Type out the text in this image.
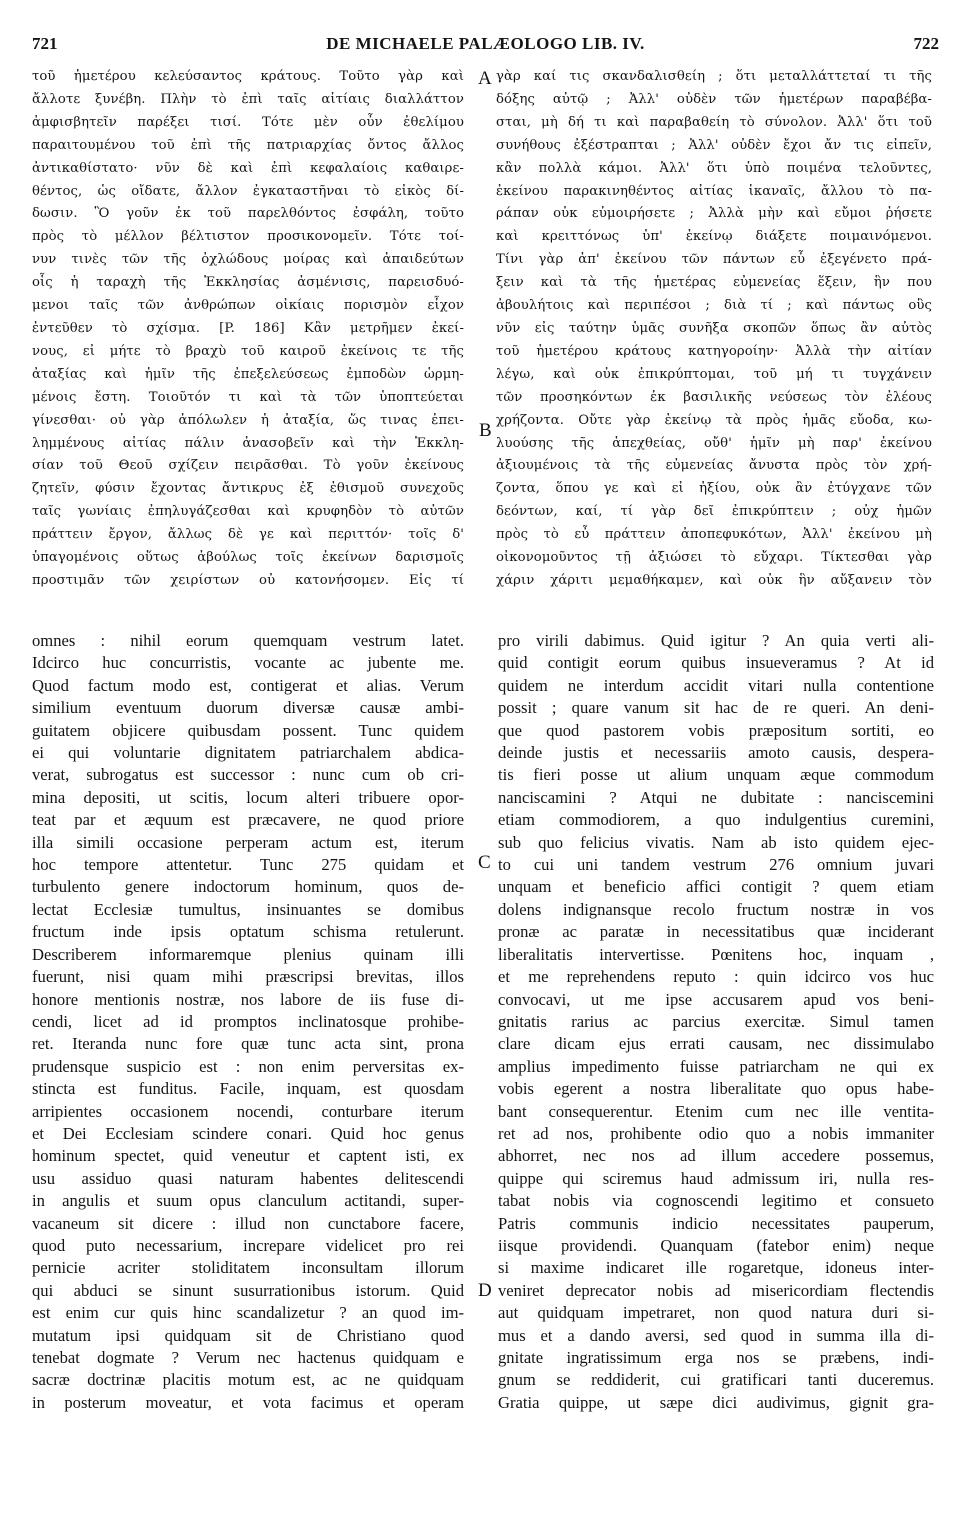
721	DE MICHAELE PALÆOLOGO LIB. IV.	722
τοῦ ἡμετέρου κελεύσαντος κράτους. Τοῦτο γὰρ καὶ
ἄλλοτε ξυνέβη. Πλὴν τὸ ἐπὶ ταῖς αἰτίαις διαλλάττον
ἀμφισβητεῖν παρέξει τισί. Τότε μὲν οὖν ἐθελίμου
παραιτουμένου τοῦ ἐπὶ τῆς πατριαρχίας ὄντος ἄλλος
ἀντικαθίστατο· νῦν δὲ καὶ ἐπὶ κεφαλαίοις καθαιρε-
θέντος, ὡς οἴδατε, ἄλλον ἐγκαταστῆναι τὸ εἰκὸς δί-
δωσιν. Ὃ γοῦν ἐκ τοῦ παρελθόντος ἐσφάλη, τοῦτο
πρὸς τὸ μέλλον βέλτιστον προσικονομεῖν. Τότε τοί-
νυν τινὲς τῶν τῆς ὀχλώδους μοίρας καὶ ἀπαιδεύτων
οἷς ἡ ταραχὴ τῆς Ἐκκλησίας ἀσμένισις, παρεισδυό-
μενοι ταῖς τῶν ἀνθρώπων οἰκίαις πορισμὸν εἶχον
ἐντεῦθεν τὸ σχίσμα. [P. 186] Κἂν μετρῆμεν ἐκεί-
νους, εἰ μήτε τὸ βραχὺ τοῦ καιροῦ ἐκείνοις τε τῆς
ἀταξίας καὶ ἡμῖν τῆς ἐπεξελεύσεως ἐμποδὼν ὡρμη-
μένοις ἔστη. Τοιοῦτόν τι καὶ τὰ τῶν ὑποπτεύεται
γίνεσθαι· οὐ γὰρ ἀπόλωλεν ἡ ἀταξία, ὥς τινας ἐπει-
λημμένους αἰτίας πάλιν ἀνασοβεῖν καὶ τὴν Ἐκκλη-
σίαν τοῦ Θεοῦ σχίζειν πειρᾶσθαι. Τὸ γοῦν ἐκείνους
ζητεῖν, φύσιν ἔχοντας ἄντικρυς ἐξ ἐθισμοῦ συνεχοῦς
ταῖς γωνίαις ἐπηλυγάζεσθαι καὶ κρυφηδὸν τὸ αὐτῶν
πράττειν ἔργον, ἄλλως δὲ γε καὶ περιττόν· τοῖς δ'
ὑπαγομένοις οὕτως ἀβούλως τοῖς ἐκείνων δαρισμοῖς
προστιμᾶν τῶν χειρίστων οὐ κατονήσομεν. Εἰς τί
γὰρ καί τις σκανδαλισθείη ; ὅτι μεταλλάττεταί τι τῆς
δόξης αὐτῷ ; Ἀλλ' οὐδὲν τῶν ἡμετέρων παραβέβα-
σται, μὴ δή τι καὶ παραβαθείη τὸ σύνολον. Ἀλλ' ὅτι τοῦ
συνήθους ἐξέστραπται ; Ἀλλ' οὐδὲν ἔχοι ἄν τις εἰπεῖν,
κἂν πολλὰ κάμοι. Ἀλλ' ὅτι ὑπὸ ποιμένα τελοῦντες,
ἐκείνου παρακινηθέντος αἰτίας ἱκαναῖς, ἄλλου τὸ πα-
ράπαν οὐκ εὐμοιρήσετε ; Ἀλλὰ μὴν καὶ εὔμοι ῥήσετε
καὶ κρειττόνως ὑπ' ἐκείνῳ διάξετε ποιμαινόμενοι.
Τίνι γὰρ ἀπ' ἐκείνου τῶν πάντων εὖ ἐξεγένετο πρά-
ξειν καὶ τὰ τῆς ἡμετέρας εὐμενείας ἕξειν, ἣν που
ἀβουλήτοις καὶ περιπέσοι ; διὰ τί ; καὶ πάντως οὓς
νῦν εἰς ταύτην ὑμᾶς συνῆξα σκοπῶν ὅπως ἂν αὐτὸς
τοῦ ἡμετέρου κράτους κατηγοροίην· Ἀλλὰ τὴν αἰτίαν
λέγω, καὶ οὐκ ἐπικρύπτομαι, τοῦ μή τι τυγχάνειν
τῶν προσηκόντων ἐκ βασιλικῆς νεύσεως τὸν ἐλέους
χρήζοντα. Οὔτε γὰρ ἐκείνῳ τὰ πρὸς ἡμᾶς εὔοδα, κω-
λυούσης τῆς ἀπεχθείας, οὔθ' ἡμῖν μὴ παρ' ἐκείνου
ἀξιουμένοις τὰ τῆς εὐμενείας ἄνυστα πρὸς τὸν χρή-
ζοντα, ὅπου γε καὶ εἰ ἠξίου, οὐκ ἂν ἐτύγχανε τῶν
δεόντων, καί, τί γὰρ δεῖ ἐπικρύπτειν ; οὐχ ἡμῶν
πρὸς τὸ εὖ πράττειν ἀποπεφυκότων, Ἀλλ' ἐκείνου μὴ
οἰκονομοῦντος τῇ ἀξιώσει τὸ εὔχαρι. Τίκτεσθαι γὰρ
χάριν χάριτι μεμαθήκαμεν, καὶ οὐκ ἣν αὔξανειν τὸν
omnes : nihil eorum quemquam vestrum latet.
Idcirco huc concurristis, vocante ac jubente me.
Quod factum modo est, contigerat et alias. Verum
similium eventuum duorum diversæ causæ ambi-
guitatem objicere quibusdam possent. Tunc quidem
ei qui voluntarie dignitatem patriarchalem abdica-
verat, subrogatus est successor : nunc cum ob cri-
mina depositi, ut scitis, locum alteri tribuere opor-
teat par et æquum est præcavere, ne quod priore
illa simili occasione perperam actum est, iterum
hoc tempore attentetur. Tunc 275 quidam et
turbulento genere indoctorum hominum, quos de-
lectat Ecclesiæ tumultus, insinuantes se domibus
fructum inde ipsis optatum schisma retulerunt.
Describerem informaremque plenius quinam illi
fuerunt, nisi quam mihi præscripsi brevitas, illos
honore mentionis nostræ, nos labore de iis fuse di-
cendi, licet ad id promptos inclinatosque prohibe-
ret. Iteranda nunc fore quæ tunc acta sint, prona
prudensque suspicio est : non enim perversitas ex-
stincta est funditus. Facile, inquam, est quosdam
arripientes occasionem nocendi, conturbare iterum
et Dei Ecclesiam scindere conari. Quid hoc genus
hominum spectet, quid veneutur et captent isti, ex
usu assiduo quasi naturam habentes delitescendi
in angulis et suum opus clanculum actitandi, super-
vacaneum sit dicere : illud non cunctabore facere,
quod puto necessarium, increpare videlicet pro rei
pernicie acriter stoliditatem inconsultam illorum
qui abduci se sinunt susurrationibus istorum. Quid
est enim cur quis hinc scandalizetur ? an quod im-
mutatum ipsi quidquam sit de Christiano quod
tenebat dogmate ? Verum nec hactenus quidquam e
sacræ doctrinæ placitis motum est, ac ne quidquam
in posterum moveatur, et vota facimus et operam
pro virili dabimus. Quid igitur ? An quia verti ali-
quid contigit eorum quibus insueveramus ? At id
quidem ne interdum accidit vitari nulla contentione
possit ; quare vanum sit hac de re queri. An deni-
que quod pastorem vobis præpositum sortiti, eo
deinde justis et necessariis amoto causis, despera-
tis fieri posse ut alium unquam æque commodum
nanciscamini ? Atqui ne dubitate : nanciscemini
etiam commodiorem, a quo indulgentius curemini,
sub quo felicius vivatis. Nam ab isto quidem ejec-
to cui uni tandem vestrum 276 omnium juvari
unquam et beneficio affici contigit ? quem etiam
dolens indignansque recolo fructum nostræ in vos
pronæ ac paratæ in necessitatibus quæ inciderant
liberalitatis intervertisse. Pœnitens hoc, inquam ,
et me reprehendens reputo : quin idcirco vos huc
convocavi, ut me ipse accusarem apud vos beni-
gnitatis rarius ac parcius exercitæ. Simul tamen
clare dicam ejus errati causam, nec dissimulabo
amplius impedimento fuisse patriarcham ne qui ex
vobis egerent a nostra liberalitate quo opus habe-
bant consequerentur. Etenim cum nec ille ventita-
ret ad nos, prohibente odio quo a nobis immaniter
abhorret, nec nos ad illum accedere possemus,
quippe qui sciremus haud admissum iri, nulla res-
tabat nobis via cognoscendi legitimo et consueto
Patris communis indicio necessitates pauperum,
iisque providendi. Quanquam (fatebor enim) neque
si maxime indicaret ille rogaretque, idoneus inter-
veniret deprecator nobis ad misericordiam flectendis
aut quidquam impetraret, non quod natura duri si-
mus et a dando aversi, sed quod in summa illa di-
gnitate ingratissimum erga nos se præbens, indi-
gnum se reddiderit, cui gratificari tanti duceremus.
Gratia quippe, ut sæpe dici audivimus, gignit gra-
A
B
C
D
